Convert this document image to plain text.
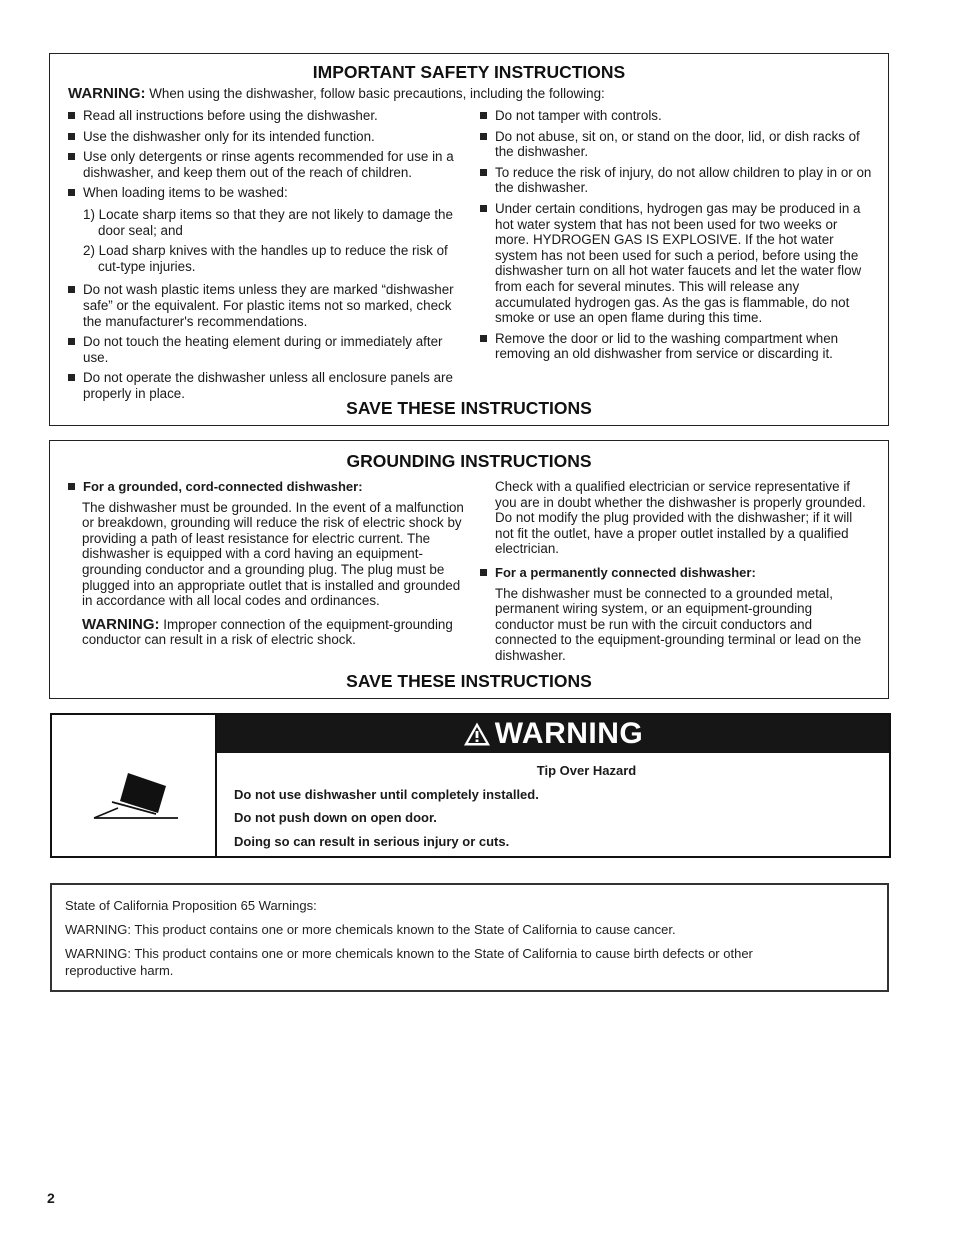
IMPORTANT SAFETY INSTRUCTIONS
WARNING: When using the dishwasher, follow basic precautions, including the following:
Read all instructions before using the dishwasher.
Use the dishwasher only for its intended function.
Use only detergents or rinse agents recommended for use in a dishwasher, and keep them out of the reach of children.
When loading items to be washed:
1) Locate sharp items so that they are not likely to damage the door seal; and
2) Load sharp knives with the handles up to reduce the risk of cut-type injuries.
Do not wash plastic items unless they are marked “dishwasher safe” or the equivalent. For plastic items not so marked, check the manufacturer's recommendations.
Do not touch the heating element during or immediately after use.
Do not operate the dishwasher unless all enclosure panels are properly in place.
Do not tamper with controls.
Do not abuse, sit on, or stand on the door, lid, or dish racks of the dishwasher.
To reduce the risk of injury, do not allow children to play in or on the dishwasher.
Under certain conditions, hydrogen gas may be produced in a hot water system that has not been used for two weeks or more. HYDROGEN GAS IS EXPLOSIVE. If the hot water system has not been used for such a period, before using the dishwasher turn on all hot water faucets and let the water flow from each for several minutes. This will release any accumulated hydrogen gas. As the gas is flammable, do not smoke or use an open flame during this time.
Remove the door or lid to the washing compartment when removing an old dishwasher from service or discarding it.
SAVE THESE INSTRUCTIONS
GROUNDING INSTRUCTIONS
For a grounded, cord-connected dishwasher:

The dishwasher must be grounded. In the event of a malfunction or breakdown, grounding will reduce the risk of electric shock by providing a path of least resistance for electric current. The dishwasher is equipped with a cord having an equipment-grounding conductor and a grounding plug. The plug must be plugged into an appropriate outlet that is installed and grounded in accordance with all local codes and ordinances.

WARNING: Improper connection of the equipment-grounding conductor can result in a risk of electric shock.

Check with a qualified electrician or service representative if you are in doubt whether the dishwasher is properly grounded. Do not modify the plug provided with the dishwasher; if it will not fit the outlet, have a proper outlet installed by a qualified electrician.

For a permanently connected dishwasher:

The dishwasher must be connected to a grounded metal, permanent wiring system, or an equipment-grounding conductor must be run with the circuit conductors and connected to the equipment-grounding terminal or lead on the dishwasher.

SAVE THESE INSTRUCTIONS
WARNING
Tip Over Hazard
Do not use dishwasher until completely installed.
Do not push down on open door.
Doing so can result in serious injury or cuts.
State of California Proposition 65 Warnings:
WARNING: This product contains one or more chemicals known to the State of California to cause cancer.
WARNING: This product contains one or more chemicals known to the State of California to cause birth defects or other reproductive harm.
2
